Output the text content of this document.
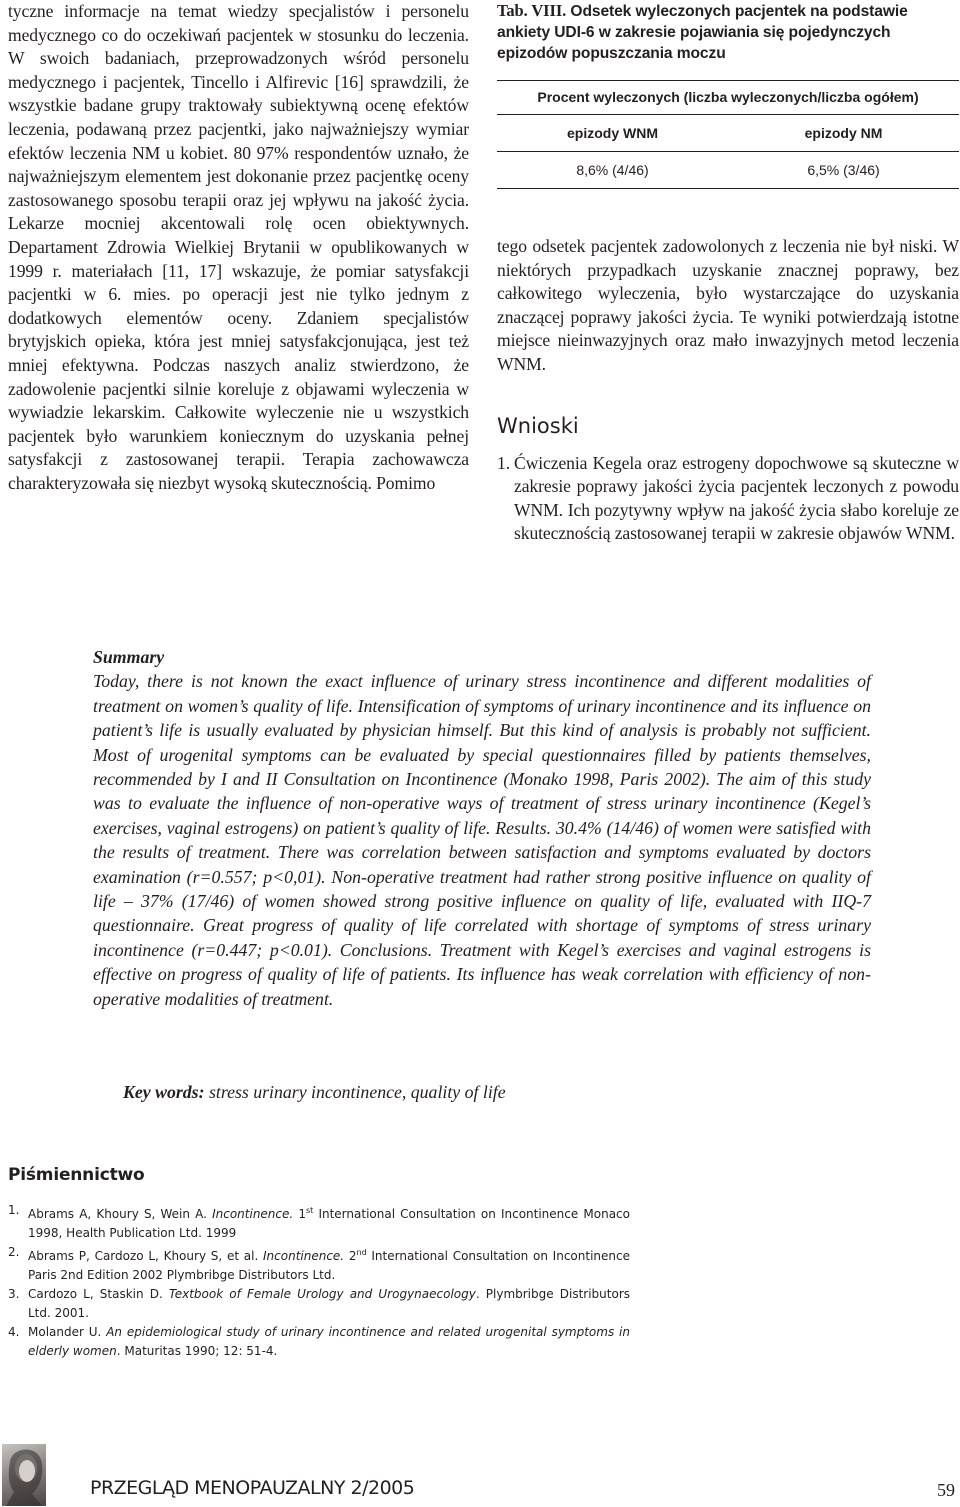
tyczne informacje na temat wiedzy specjalistów i personelu medycznego co do oczekiwań pacjentek w stosunku do leczenia. W swoich badaniach, przeprowadzonych wśród personelu medycznego i pacjentek, Tincello i Alfirevic [16] sprawdzili, że wszystkie badane grupy traktowały subiektywną ocenę efektów leczenia, podawaną przez pacjentki, jako najważniejszy wymiar efektów leczenia NM u kobiet. 80 97% respondentów uznało, że najważniejszym elementem jest dokonanie przez pacjentkę oceny zastosowanego sposobu terapii oraz jej wpływu na jakość życia. Lekarze mocniej akcentowali rolę ocen obiektywnych. Departament Zdrowia Wielkiej Brytanii w opublikowanych w 1999 r. materiałach [11, 17] wskazuje, że pomiar satysfakcji pacjentki w 6. mies. po operacji jest nie tylko jednym z dodatkowych elementów oceny. Zdaniem specjalistów brytyjskich opieka, która jest mniej satysfakcjonująca, jest też mniej efektywna. Podczas naszych analiz stwierdzono, że zadowolenie pacjentki silnie koreluje z objawami wyleczenia w wywiadzie lekarskim. Całkowite wyleczenie nie u wszystkich pacjentek było warunkiem koniecznym do uzyskania pełnej satysfakcji z zastosowanej terapii. Terapia zachowawcza charakteryzowała się niezbyt wysoką skutecznością. Pomimo

Tab. VIII. Odsetek wyleczonych pacjentek na podstawie ankiety UDI-6 w zakresie pojawiania się pojedynczych epizodów popuszczania moczu

Procent wyleczonych (liczba wyleczonych/liczba ogółem)
epizody WNM	epizody NM
8,6% (4/46)	6,5% (3/46)

tego odsetek pacjentek zadowolonych z leczenia nie był niski. W niektórych przypadkach uzyskanie znacznej poprawy, bez całkowitego wyleczenia, było wystarczające do uzyskania znaczącej poprawy jakości życia. Te wyniki potwierdzają istotne miejsce nieinwazyjnych oraz mało inwazyjnych metod leczenia WNM.

Wnioski
1. Ćwiczenia Kegela oraz estrogeny dopochwowe są skuteczne w zakresie poprawy jakości życia pacjentek leczonych z powodu WNM. Ich pozytywny wpływ na jakość życia słabo koreluje ze skutecznością zastosowanej terapii w zakresie objawów WNM.

Summary

Today, there is not known the exact influence of urinary stress incontinence and different modalities of treatment on women’s quality of life. Intensification of symptoms of urinary incontinence and its influence on patient’s life is usually evaluated by physician himself. But this kind of analysis is probably not sufficient. Most of urogenital symptoms can be evaluated by special questionnaires filled by patients themselves, recommended by I and II Consultation on Incontinence (Monako 1998, Paris 2002). The aim of this study was to evaluate the influence of non-operative ways of treatment of stress urinary incontinence (Kegel’s exercises, vaginal estrogens) on patient’s quality of life. Results. 30.4% (14/46) of women were satisfied with the results of treatment. There was correlation between satisfaction and symptoms evaluated by doctors examination (r=0.557; p<0,01). Non-operative treatment had rather strong positive influence on quality of life – 37% (17/46) of women showed strong positive influence on quality of life, evaluated with IIQ-7 questionnaire. Great progress of quality of life correlated with shortage of symptoms of stress urinary incontinence (r=0.447; p<0.01). Conclusions. Treatment with Kegel’s exercises and vaginal estrogens is effective on progress of quality of life of patients. Its influence has weak correlation with efficiency of non-operative modalities of treatment.

Key words: stress urinary incontinence, quality of life
Piśmiennictwo
1. Abrams A, Khoury S, Wein A. Incontinence. 1st International Consultation on Incontinence Monaco 1998, Health Publication Ltd. 1999
2. Abrams P, Cardozo L, Khoury S, et al. Incontinence. 2nd International Consultation on Incontinence Paris 2nd Edition 2002 Plymbribge Distributors Ltd.
3. Cardozo L, Staskin D. Textbook of Female Urology and Urogynaecology. Plymbribge Distributors Ltd. 2001.
4. Molander U. An epidemiological study of urinary incontinence and related urogenital symptoms in elderly women. Maturitas 1990; 12: 51-4.
PRZEGLĄD MENOPAUZALNY 2/2005	59
